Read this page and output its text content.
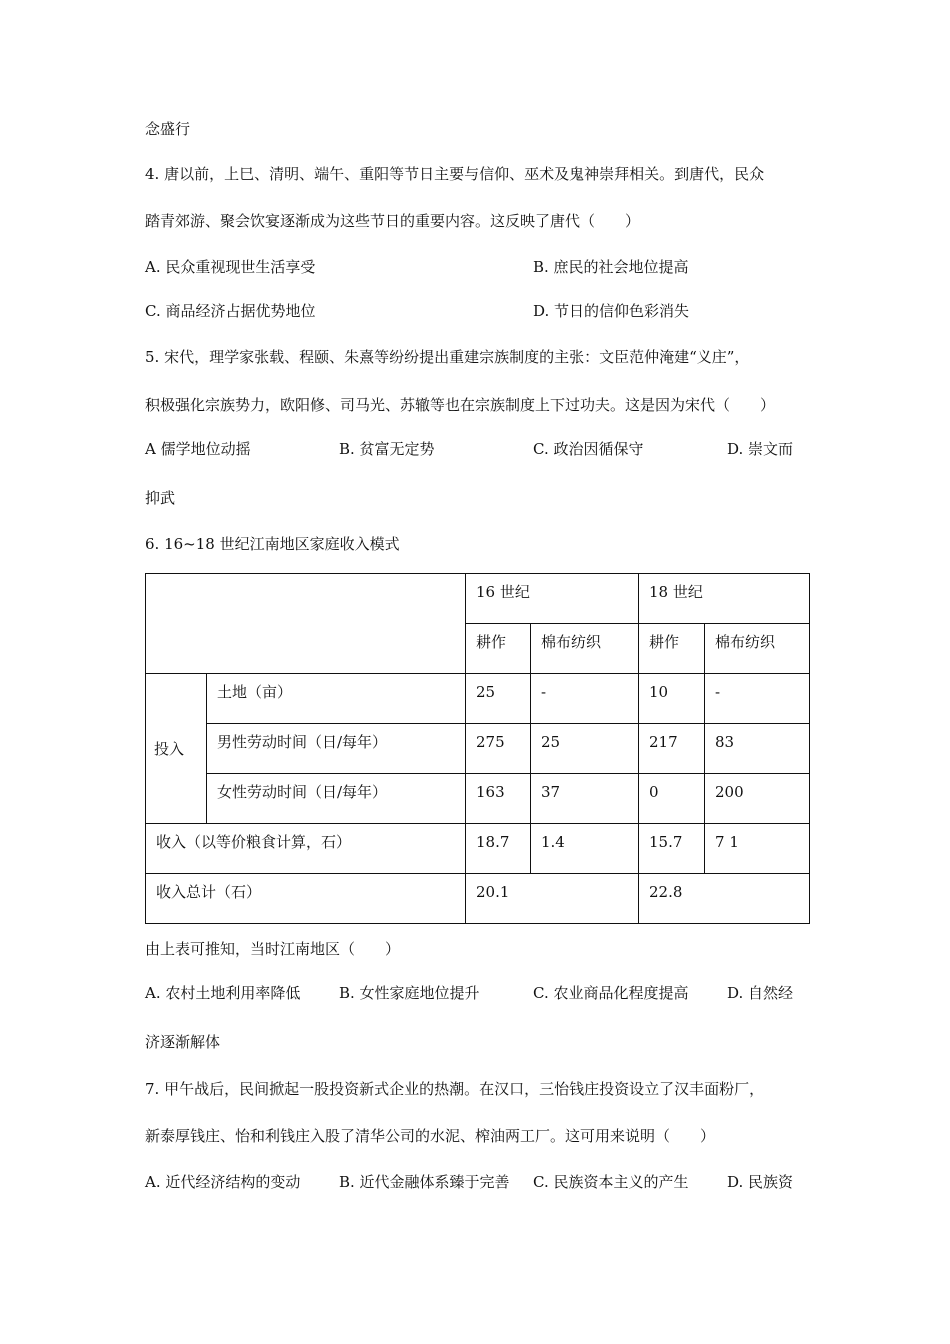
念盛行
4. 唐以前，上巳、清明、端午、重阳等节日主要与信仰、巫术及鬼神崇拜相关。到唐代，民众
踏青郊游、聚会饮宴逐渐成为这些节日的重要内容。这反映了唐代（　　）
A. 民众重视现世生活享受	B. 庶民的社会地位提高
C. 商品经济占据优势地位	D. 节日的信仰色彩消失
5. 宋代，理学家张载、程颐、朱熹等纷纷提出重建宗族制度的主张：文臣范仲淹建“义庄”，
积极强化宗族势力，欧阳修、司马光、苏辙等也在宗族制度上下过功夫。这是因为宋代（　　）
A 儒学地位动摇	B. 贫富无定势	C. 政治因循保守	D. 崇文而
抑武
6. 16~18 世纪江南地区家庭收入模式
		16 世纪		18 世纪	
		耕作	棉布纺织	耕作	棉布纺织
投入	土地（亩）	25	-	10	-
	男性劳动时间（日/每年）	275	25	217	83
	女性劳动时间（日/每年）	163	37	0	200
收入（以等价粮食计算，石）		18.7	1.4	15.7	7 1
收入总计（石）		20.1		22.8	
由上表可推知，当时江南地区（　　）
A. 农村土地利用率降低	B. 女性家庭地位提升	C. 农业商品化程度提高	D. 自然经
济逐渐解体
7. 甲午战后，民间掀起一股投资新式企业的热潮。在汉口，三怡钱庄投资设立了汉丰面粉厂，
新泰厚钱庄、怡和利钱庄入股了清华公司的水泥、榨油两工厂。这可用来说明（　　）
A. 近代经济结构的变动	B. 近代金融体系臻于完善 C. 民族资本主义的产生	D. 民族资
